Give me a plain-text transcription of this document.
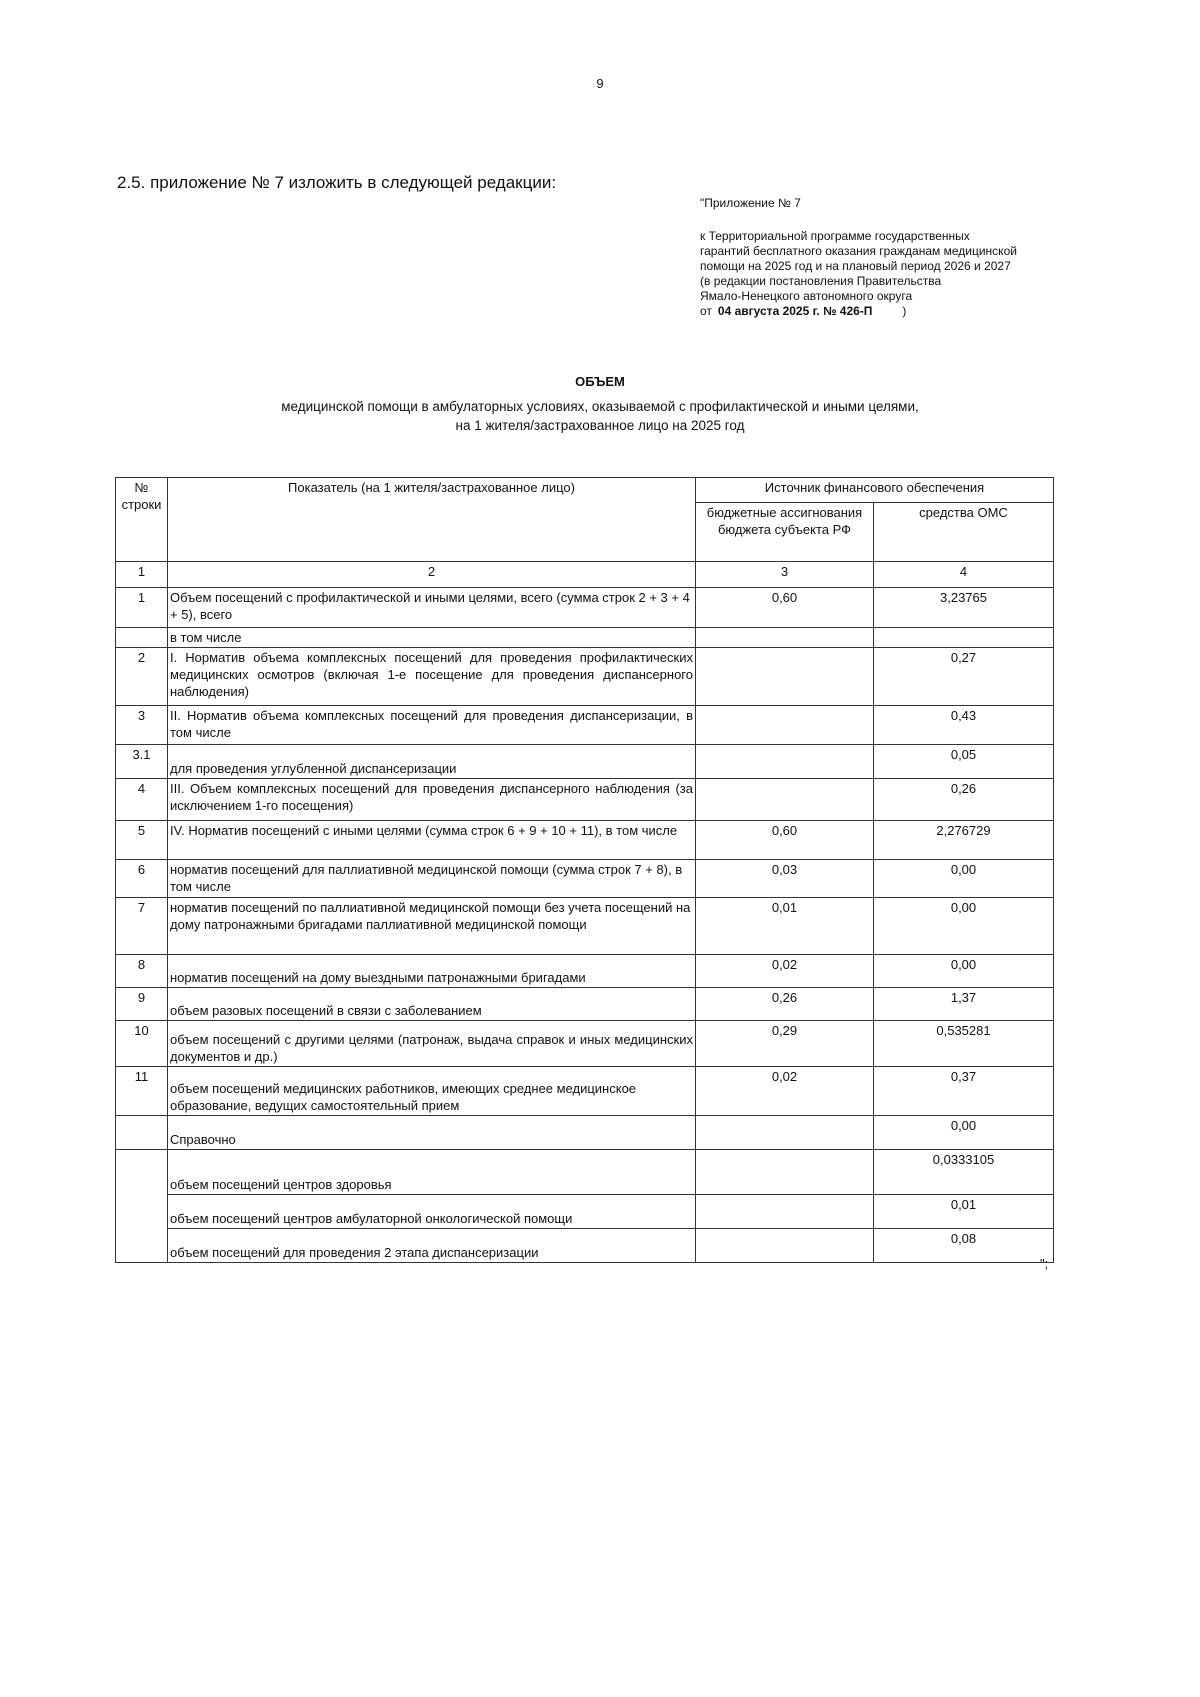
9
2.5. приложение № 7 изложить в следующей редакции:
"Приложение № 7
к Территориальной программе государственных
гарантий бесплатного оказания гражданам медицинской
помощи на 2025 год и на плановый период 2026 и 2027
(в редакции постановления Правительства
Ямало-Ненецкого автономного округа
от 04 августа 2025 г. № 426-П	)
ОБЪЕМ
медицинской помощи в амбулаторных условиях, оказываемой с профилактической и иными целями,
на 1 жителя/застрахованное лицо на 2025 год
№ строки	Показатель (на 1 жителя/застрахованное лицо)	Источник финансового обеспечения	
		бюджетные ассигнования бюджета субъекта РФ	средства ОМС
1	2	3	4
1	Объем посещений с профилактической и иными целями, всего (сумма строк 2 + 3 + 4 + 5), всего	0,60	3,23765
	в том числе		
2	I. Норматив объема комплексных посещений для проведения профилактических медицинских осмотров (включая 1-е посещение для проведения диспансерного наблюдения)		0,27
3	II. Норматив объема комплексных посещений для проведения диспансеризации, в том числе		0,43
3.1	для проведения углубленной диспансеризации		0,05
4	III. Объем комплексных посещений для проведения диспансерного наблюдения (за исключением 1-го посещения)		0,26
5	IV. Норматив посещений с иными целями (сумма строк 6 + 9 + 10 + 11), в том числе	0,60	2,276729
6	норматив посещений для паллиативной медицинской помощи (сумма строк 7 + 8), в том числе	0,03	0,00
7	норматив посещений по паллиативной медицинской помощи без учета посещений на дому патронажными бригадами паллиативной медицинской помощи	0,01	0,00
8	норматив посещений на дому выездными патронажными бригадами	0,02	0,00
9	объем разовых посещений в связи с заболеванием	0,26	1,37
10	объем посещений с другими целями (патронаж, выдача справок и иных медицинских документов и др.)	0,29	0,535281
11	объем посещений медицинских работников, имеющих среднее медицинское образование, ведущих самостоятельный прием	0,02	0,37
	Справочно		0,00
	объем посещений центров здоровья		0,0333105
	объем посещений центров амбулаторной онкологической помощи		0,01
	объем посещений для проведения 2 этапа диспансеризации		0,08
";
